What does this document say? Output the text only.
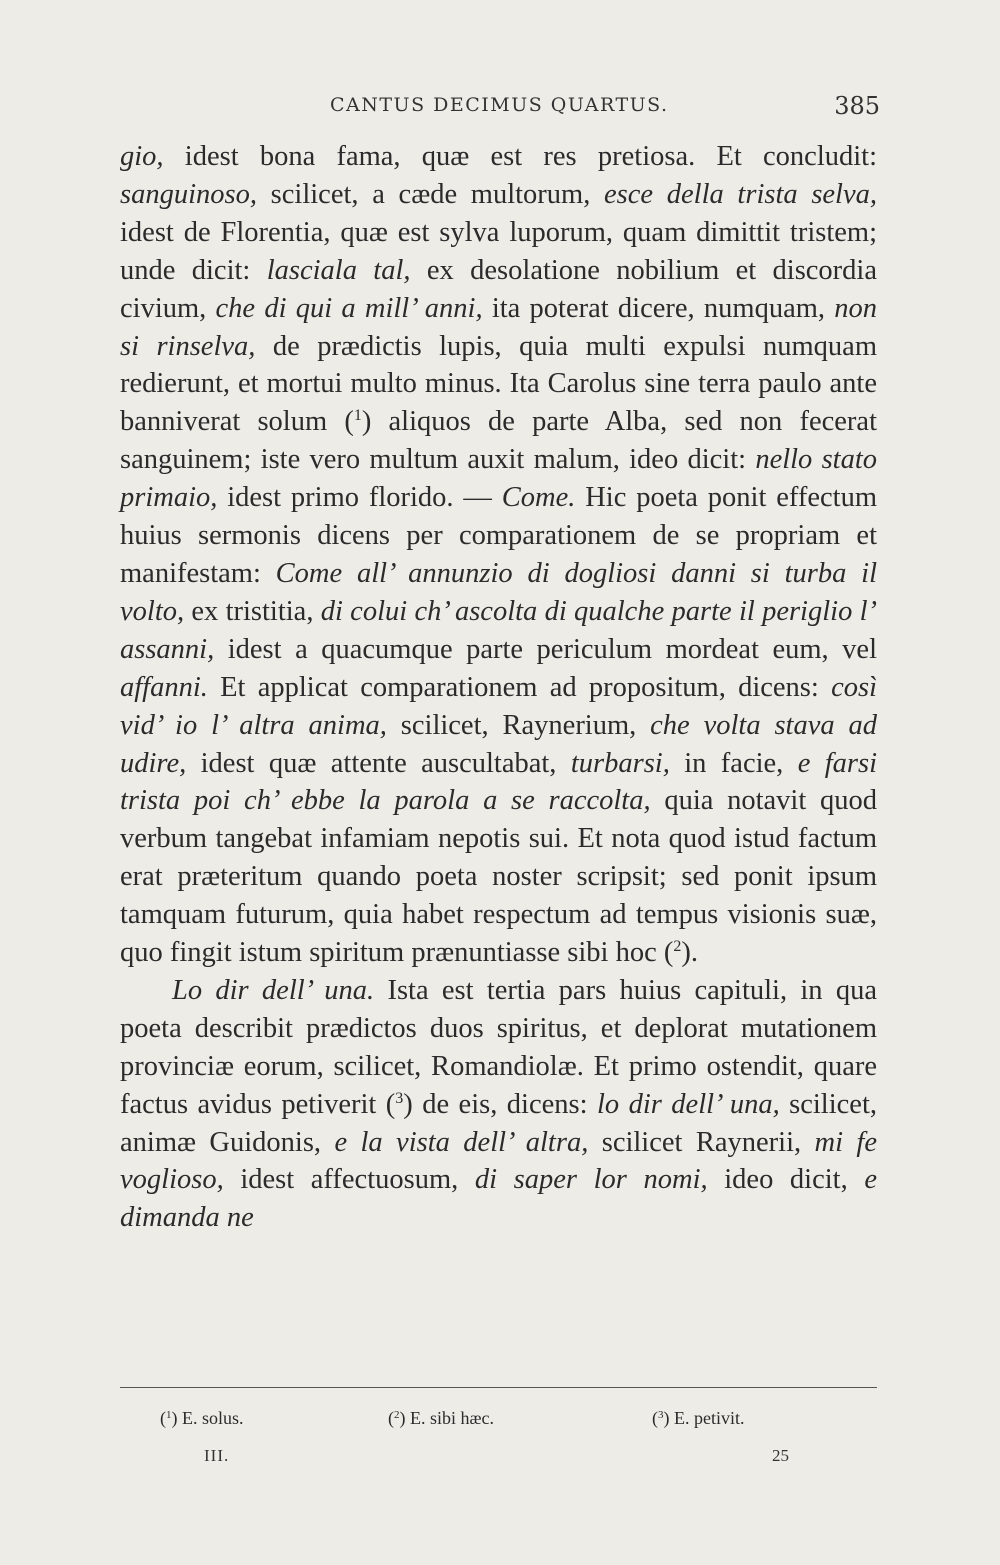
CANTUS DECIMUS QUARTUS.	385

gio, idest bona fama, quæ est res pretiosa. Et concludit: sanguinoso, scilicet, a cæde multorum, esce della trista selva, idest de Florentia, quæ est sylva luporum, quam dimittit tristem; unde dicit: lasciala tal, ex desolatione nobilium et discordia civium, che di qui a mill’ anni, ita poterat dicere, numquam, non si rinselva, de prædictis lupis, quia multi expulsi numquam redierunt, et mortui multo minus. Ita Carolus sine terra paulo ante banniverat solum ($^1$) aliquos de parte Alba, sed non fecerat sanguinem; iste vero multum auxit malum, ideo dicit: nello stato primaio, idest primo florido. — Come. Hic poeta ponit effectum huius sermonis dicens per comparationem de se propriam et manifestam: Come all’ annunzio di dogliosi danni si turba il volto, ex tristitia, di colui ch’ ascolta di qualche parte il periglio l’ assanni, idest a quacumque parte periculum mordeat eum, vel affanni. Et applicat comparationem ad propositum, dicens: così vid’ io l’ altra anima, scilicet, Raynerium, che volta stava ad udire, idest quæ attente auscultabat, turbarsi, in facie, e farsi trista poi ch’ ebbe la parola a se raccolta, quia notavit quod verbum tangebat infamiam nepotis sui. Et nota quod istud factum erat præteritum quando poeta noster scripsit; sed ponit ipsum tamquam futurum, quia habet respectum ad tempus visionis suæ, quo fingit istum spiritum prænuntiasse sibi hoc ($^2$).

Lo dir dell’ una. Ista est tertia pars huius capituli, in qua poeta describit prædictos duos spiritus, et deplorat mutationem provinciæ eorum, scilicet, Romandiolæ. Et primo ostendit, quare factus avidus petiverit ($^3$) de eis, dicens: lo dir dell’ una, scilicet, animæ Guidonis, e la vista dell’ altra, scilicet Raynerii, mi fe voglioso, idest affectuosum, di saper lor nomi, ideo dicit, e dimanda ne

($^1$) E. solus.	($^2$) E. sibi hæc.	($^3$) E. petivit.
III.	25
